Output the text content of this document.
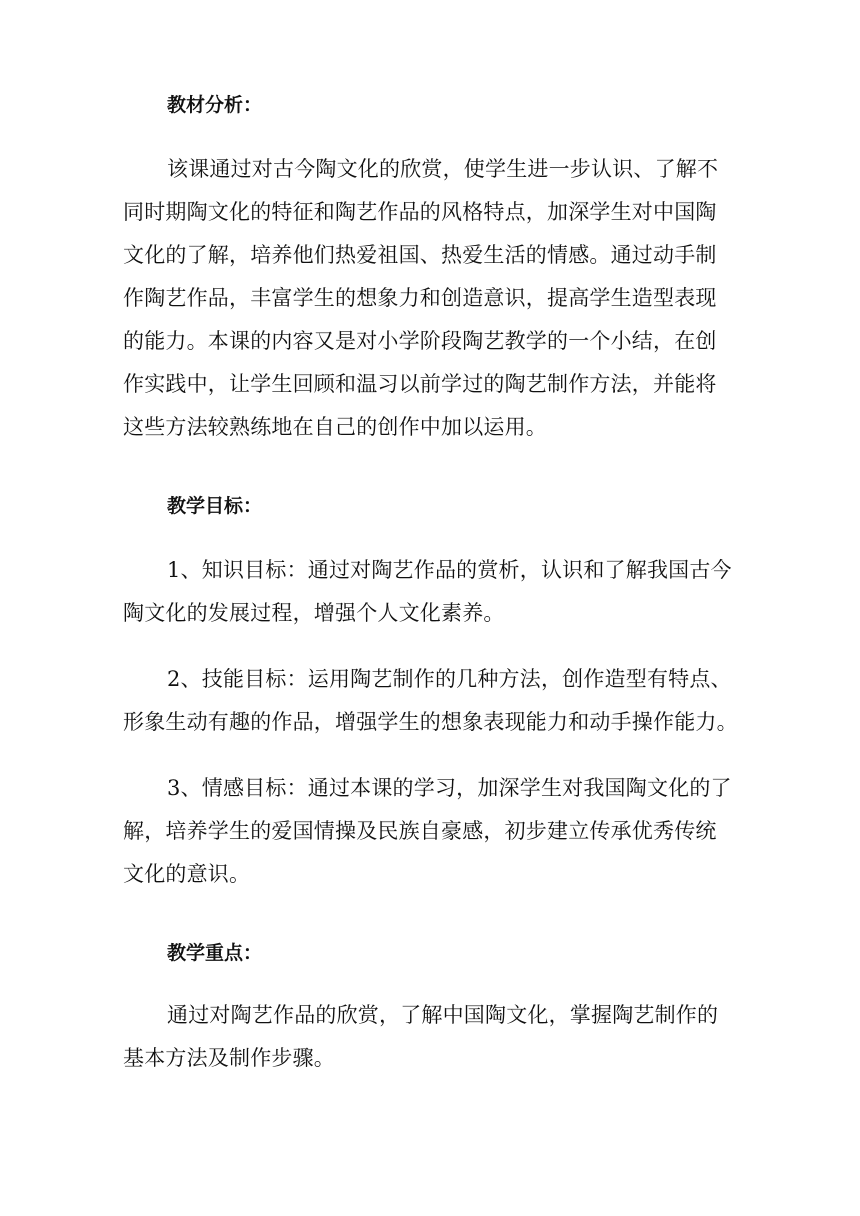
教材分析：
该课通过对古今陶文化的欣赏，使学生进一步认识、了解不
同时期陶文化的特征和陶艺作品的风格特点，加深学生对中国陶
文化的了解，培养他们热爱祖国、热爱生活的情感。通过动手制
作陶艺作品，丰富学生的想象力和创造意识，提高学生造型表现
的能力。本课的内容又是对小学阶段陶艺教学的一个小结，在创
作实践中，让学生回顾和温习以前学过的陶艺制作方法，并能将
这些方法较熟练地在自己的创作中加以运用。
教学目标：
1、知识目标：通过对陶艺作品的赏析，认识和了解我国古今
陶文化的发展过程，增强个人文化素养。
2、技能目标：运用陶艺制作的几种方法，创作造型有特点、
形象生动有趣的作品，增强学生的想象表现能力和动手操作能力。
3、情感目标：通过本课的学习，加深学生对我国陶文化的了
解，培养学生的爱国情操及民族自豪感，初步建立传承优秀传统
文化的意识。
教学重点：
通过对陶艺作品的欣赏，了解中国陶文化，掌握陶艺制作的
基本方法及制作步骤。
